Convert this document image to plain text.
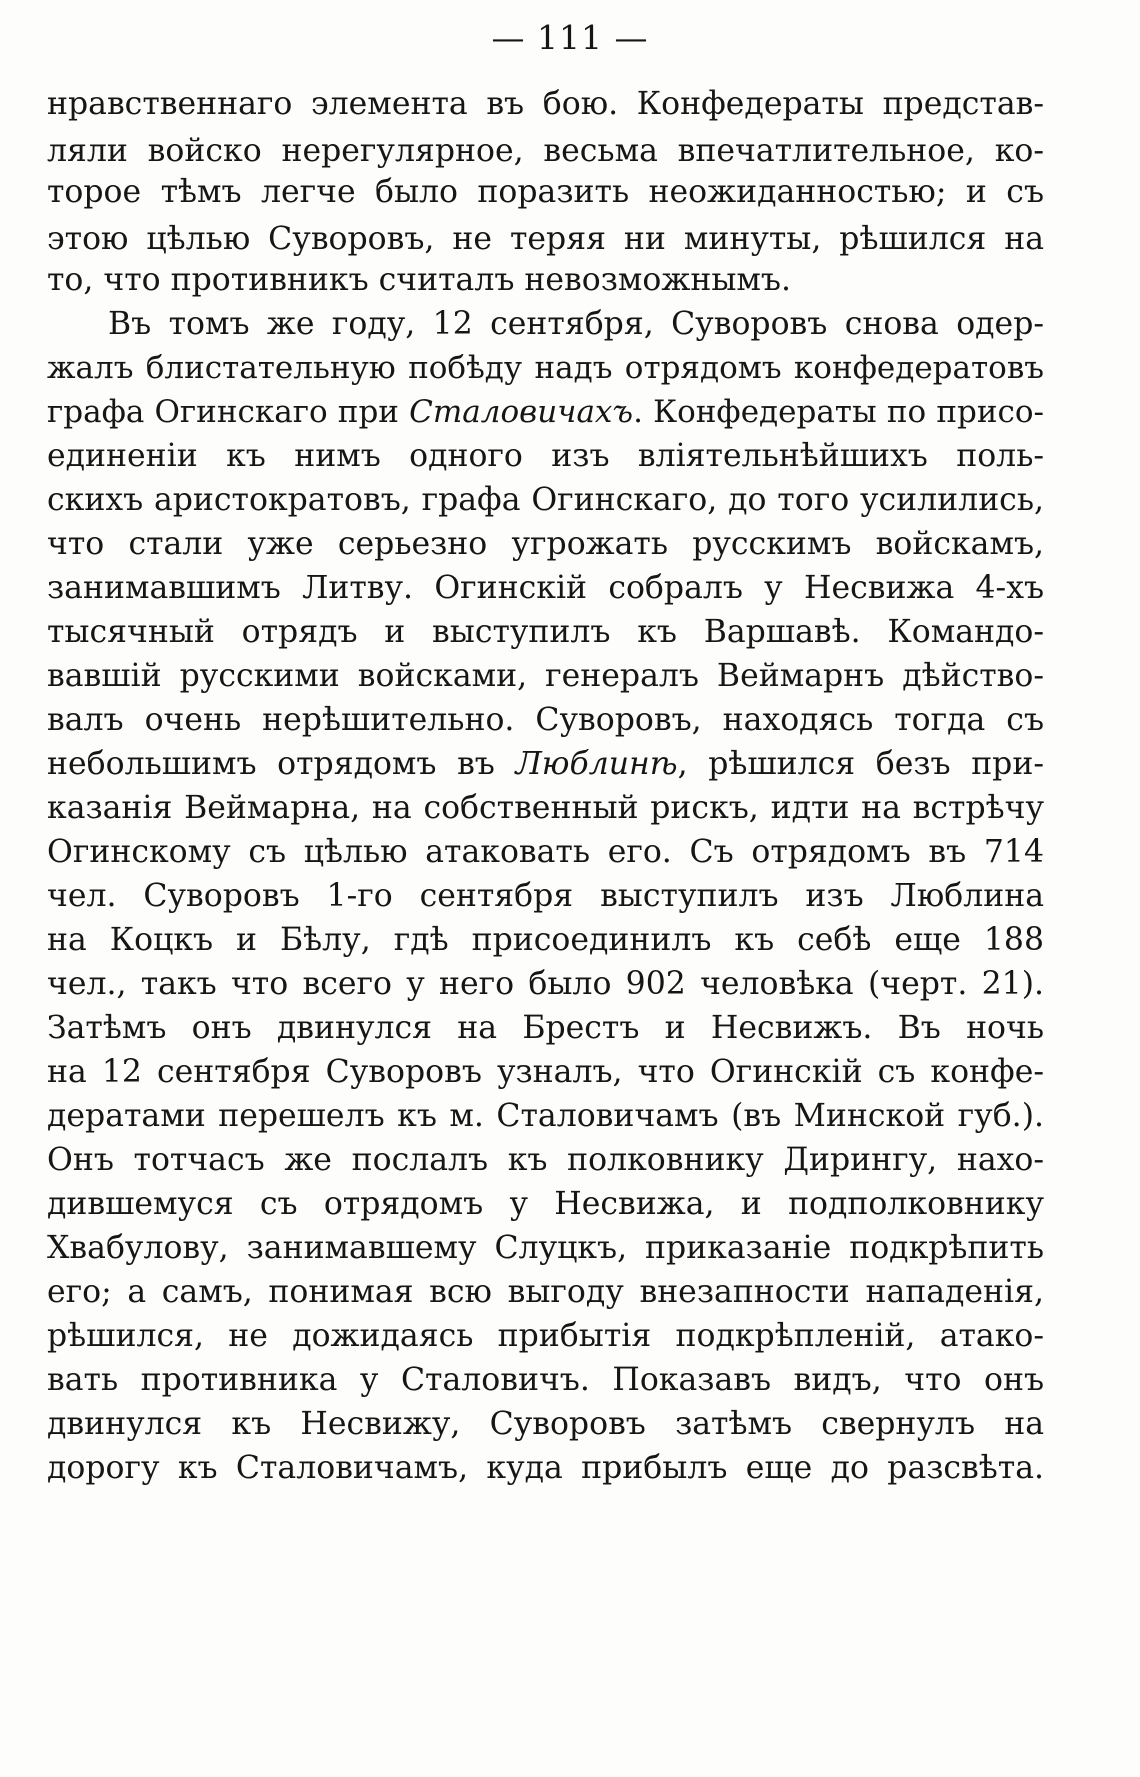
— 111 —
нравственнаго элемента въ бою. Конфедераты представ-
ляли войско нерегулярное, весьма впечатлительное, ко-
торое тѣмъ легче было поразить неожиданностью; и съ
этою цѣлью Суворовъ, не теряя ни минуты, рѣшился на
то, что противникъ считалъ невозможнымъ.
Въ томъ же году, 12 сентября, Суворовъ снова одер-
жалъ блистательную побѣду надъ отрядомъ конфедератовъ
графа Огинскаго при Сталовичахъ. Конфедераты по присо-
единеніи къ нимъ одного изъ влiятельнѣйшихъ поль-
скихъ аристократовъ, графа Огинскаго, до того усилились,
что стали уже серьезно угрожать русскимъ войскамъ,
занимавшимъ Литву. Огинскiй собралъ у Несвижа 4-хъ
тысячный отрядъ и выступилъ къ Варшавѣ. Командо-
вавшiй русскими войсками, генералъ Веймарнъ дѣйство-
валъ очень нерѣшительно. Суворовъ, находясь тогда съ
небольшимъ отрядомъ въ Люблинѣ, рѣшился безъ при-
казанія Веймарна, на собственный рискъ, идти на встрѣчу
Огинскому съ цѣлью атаковать его. Съ отрядомъ въ 714
чел. Суворовъ 1-го сентября выступилъ изъ Люблина
на Коцкъ и Бѣлу, гдѣ присоединилъ къ себѣ еще 188
чел., такъ что всего у него было 902 человѣка (черт. 21).
Затѣмъ онъ двинулся на Брестъ и Несвижъ. Въ ночь
на 12 сентября Суворовъ узналъ, что Огинскiй съ конфе-
дератами перешелъ къ м. Сталовичамъ (въ Минской губ.).
Онъ тотчасъ же послалъ къ полковнику Дирингу, нахо-
дившемуся съ отрядомъ у Несвижа, и подполковнику
Хвабулову, занимавшему Слуцкъ, приказаніе подкрѣпить
его; а самъ, понимая всю выгоду внезапности нападенія,
рѣшился, не дожидаясь прибытія подкрѣпленій, атако-
вать противника у Сталовичъ. Показавъ видъ, что онъ
двинулся къ Несвижу, Суворовъ затѣмъ свернулъ на
дорогу къ Сталовичамъ, куда прибылъ еще до разсвѣта.
